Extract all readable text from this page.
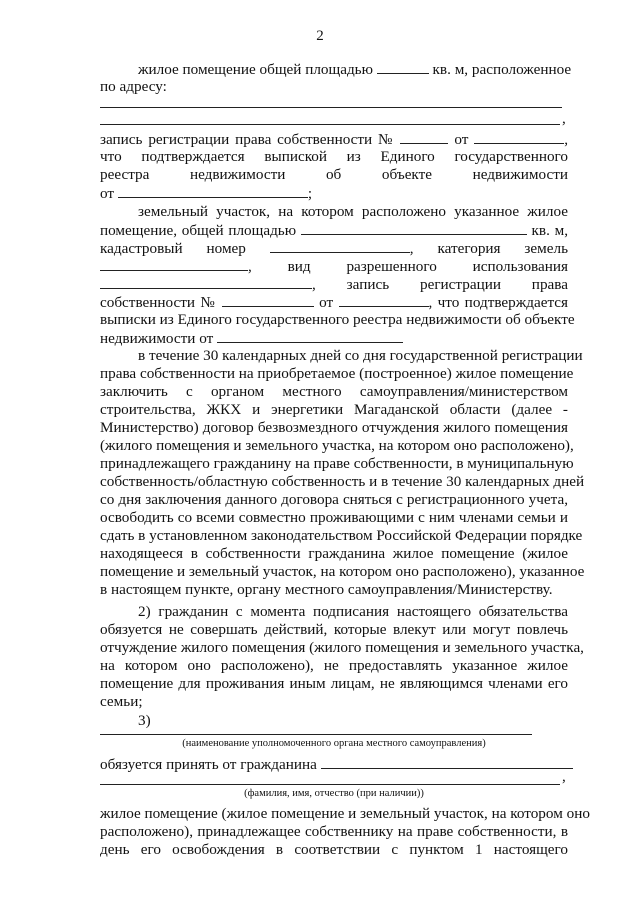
2
жилое помещение общей площадью	кв. м, расположенное
по адресу:
,
запись регистрации права собственности №	от	,
что подтверждается выпиской из Единого государственного
реестра недвижимости об объекте недвижимости
от	;
земельный участок, на котором расположено указанное жилое
помещение, общей площадью	кв. м,
кадастровый номер	, категория земель
, вид разрешенного использования
, запись регистрации права
собственности №	от	, что подтверждается
выписки из Единого государственного реестра недвижимости об объекте
недвижимости от
в течение 30 календарных дней со дня государственной регистрации
права собственности на приобретаемое (построенное) жилое помещение
заключить с органом местного самоуправления/министерством
строительства, ЖКХ и энергетики Магаданской области (далее -
Министерство) договор безвозмездного отчуждения жилого помещения
(жилого помещения и земельного участка, на котором оно расположено),
принадлежащего гражданину на праве собственности, в муниципальную
собственность/областную собственность и в течение 30 календарных дней
со дня заключения данного договора сняться с регистрационного учета,
освободить со всеми совместно проживающими с ним членами семьи и
сдать в установленном законодательством Российской Федерации порядке
находящееся в собственности гражданина жилое помещение (жилое
помещение и земельный участок, на котором оно расположено), указанное
в настоящем пункте, органу местного самоуправления/Министерству.
2) гражданин с момента подписания настоящего обязательства
обязуется не совершать действий, которые влекут или могут повлечь
отчуждение жилого помещения (жилого помещения и земельного участка,
на котором оно расположено), не предоставлять указанное жилое
помещение для проживания иным лицам, не являющимся членами его
семьи;
3)
(наименование уполномоченного органа местного самоуправления)
обязуется принять от гражданина
,
(фамилия, имя, отчество (при наличии))
жилое помещение (жилое помещение и земельный участок, на котором оно
расположено), принадлежащее собственнику на праве собственности, в
день его освобождения в соответствии с пунктом 1 настоящего
